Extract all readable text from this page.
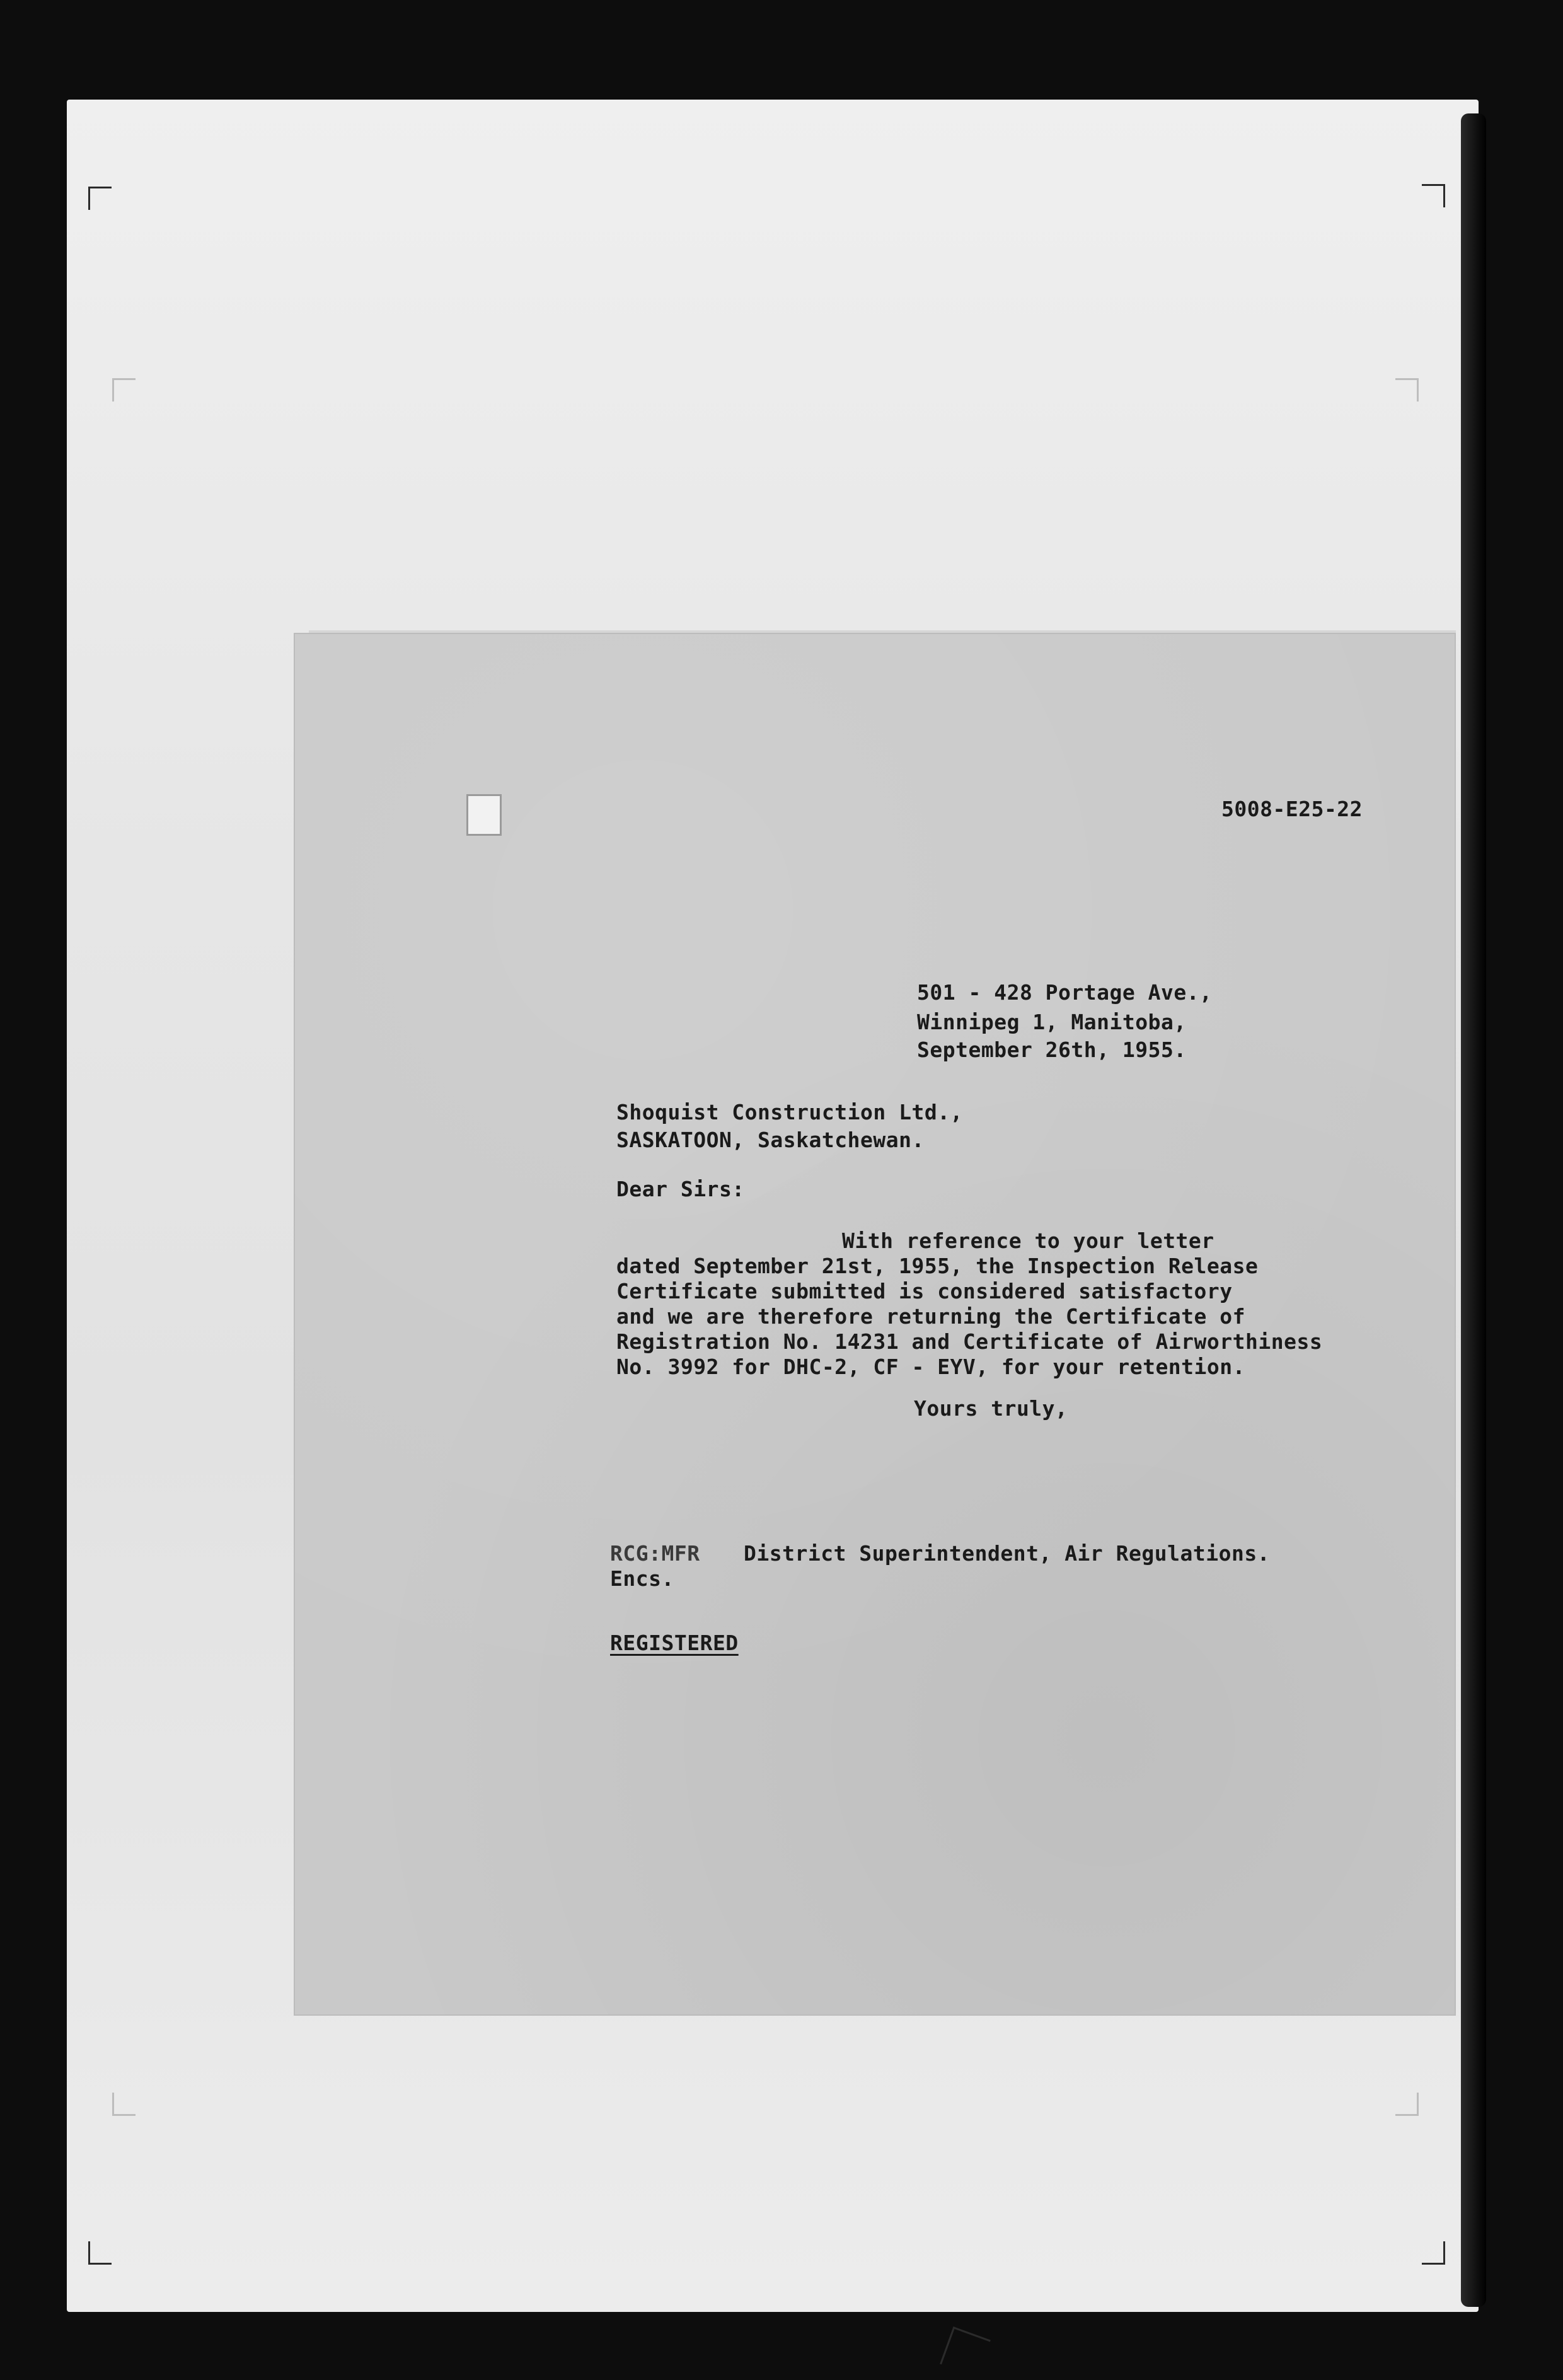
5008-E25-22
501 - 428 Portage Ave.,
Winnipeg 1, Manitoba,
September 26th, 1955.
Shoquist Construction Ltd.,
SASKATOON, Saskatchewan.
Dear Sirs:
With reference to your letter
dated September 21st, 1955, the Inspection Release
Certificate submitted is considered satisfactory
and we are therefore returning the Certificate of
Registration No. 14231 and Certificate of Airworthiness
No. 3992 for DHC-2, CF - EYV, for your retention.
Yours truly,
RCG:MFR District Superintendent, Air Regulations.
Encs.
REGISTERED
